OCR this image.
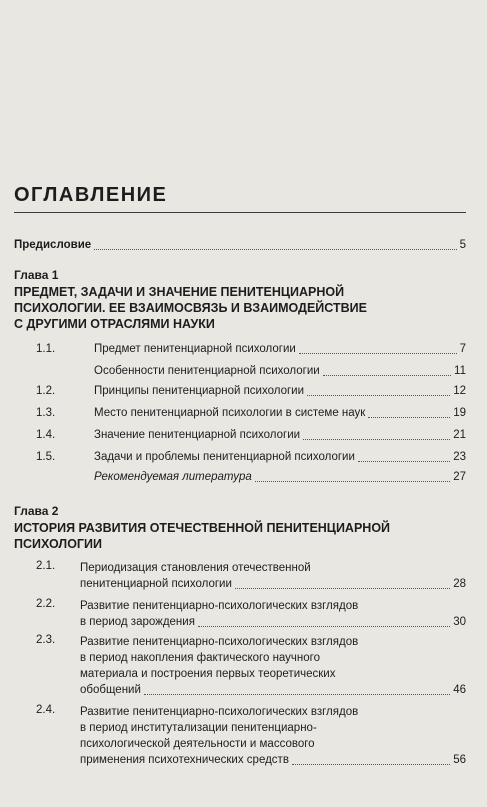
ОГЛАВЛЕНИЕ
Предисловие	5
Глава 1
ПРЕДМЕТ, ЗАДАЧИ И ЗНАЧЕНИЕ ПЕНИТЕНЦИАРНОЙ
ПСИХОЛОГИИ. ЕЕ ВЗАИМОСВЯЗЬ И ВЗАИМОДЕЙСТВИЕ
С ДРУГИМИ ОТРАСЛЯМИ НАУКИ
1.1.	Предмет пенитенциарной психологии	7
Особенности пенитенциарной психологии	11
1.2.	Принципы пенитенциарной психологии	12
1.3.	Место пенитенциарной психологии в системе наук	19
1.4.	Значение пенитенциарной психологии	21
1.5.	Задачи и проблемы пенитенциарной психологии	23
Рекомендуемая литература	27
Глава 2
ИСТОРИЯ РАЗВИТИЯ ОТЕЧЕСТВЕННОЙ ПЕНИТЕНЦИАРНОЙ
ПСИХОЛОГИИ
2.1. Периодизация становления отечественной
пенитенциарной психологии	28
2.2. Развитие пенитенциарно-психологических взглядов
в период зарождения	30
2.3. Развитие пенитенциарно-психологических взглядов
в период накопления фактического научного
материала и построения первых теоретических
обобщений	46
2.4. Развитие пенитенциарно-психологических взглядов
в период институтализации пенитенциарно-
психологической деятельности и массового
применения психотехнических средств	56
